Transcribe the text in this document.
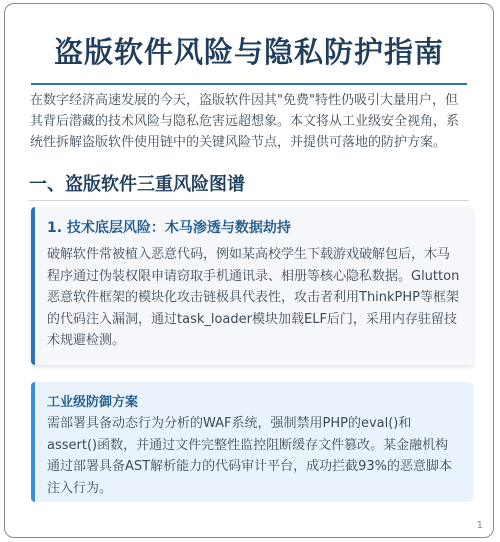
盗版软件风险与隐私防护指南
在数字经济高速发展的今天，盗版软件因其"免费"特性仍吸引大量用户，但其背后潜藏的技术风险与隐私危害远超想象。本文将从工业级安全视角，系统性拆解盗版软件使用链中的关键风险节点，并提供可落地的防护方案。
一、盗版软件三重风险图谱
1. 技术底层风险：木马渗透与数据劫持
破解软件常被植入恶意代码，例如某高校学生下载游戏破解包后，木马程序通过伪装权限申请窃取手机通讯录、相册等核心隐私数据。Glutton恶意软件框架的模块化攻击链极具代表性，攻击者利用ThinkPHP等框架的代码注入漏洞，通过task_loader模块加载ELF后门，采用内存驻留技术规避检测。
工业级防御方案
需部署具备动态行为分析的WAF系统，强制禁用PHP的eval()和assert()函数，并通过文件完整性监控阻断缓存文件篡改。某金融机构通过部署具备AST解析能力的代码审计平台，成功拦截93%的恶意脚本注入行为。
1
